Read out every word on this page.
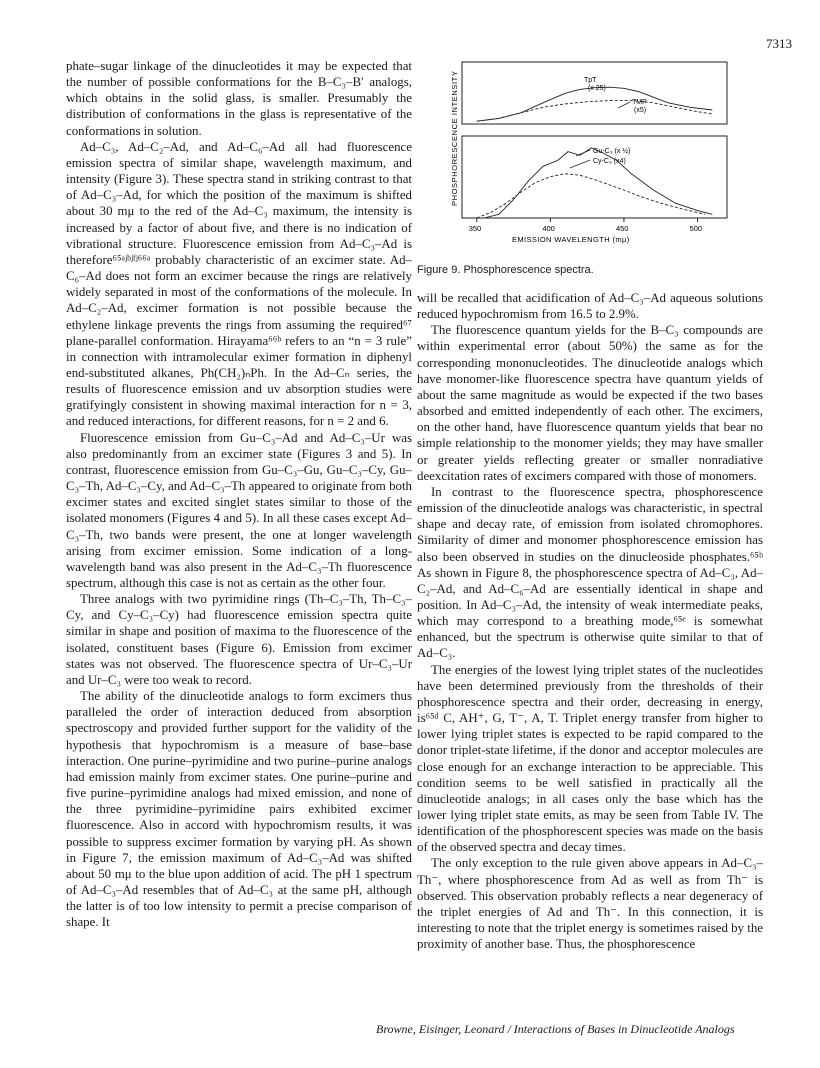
7313

phate–sugar linkage of the dinucleotides it may be expected that the number of possible conformations for the B–C₃–B′ analogs, which obtains in the solid glass, is smaller. Presumably the distribution of conformations in the glass is representative of the conformations in solution.

Ad–C₃, Ad–C₂–Ad, and Ad–C₆–Ad all had fluorescence emission spectra of similar shape, wavelength maximum, and intensity (Figure 3). These spectra stand in striking contrast to that of Ad–C₃–Ad, for which the position of the maximum is shifted about 30 mμ to the red of the Ad–C₃ maximum, the intensity is increased by a factor of about five, and there is no indication of vibrational structure. Fluorescence emission from Ad–C₃–Ad is therefore⁶⁵ᵃʲᵇʲᶠʲ⁶⁶ᵃ probably characteristic of an excimer state. Ad–C₆–Ad does not form an excimer because the rings are relatively widely separated in most of the conformations of the molecule. In Ad–C₂–Ad, excimer formation is not possible because the ethylene linkage prevents the rings from assuming the required⁶⁷ plane-parallel conformation. Hirayama⁶⁶ᵇ refers to an “n = 3 rule” in connection with intramolecular eximer formation in diphenyl end-substituted alkanes, Ph(CH₂)ₙPh. In the Ad–Cₙ series, the results of fluorescence emission and uv absorption studies were gratifyingly consistent in showing maximal interaction for n = 3, and reduced interactions, for different reasons, for n = 2 and 6.

Fluorescence emission from Gu–C₃–Ad and Ad–C₃–Ur was also predominantly from an excimer state (Figures 3 and 5). In contrast, fluorescence emission from Gu–C₃–Gu, Gu–C₃–Cy, Gu–C₃–Th, Ad–C₃–Cy, and Ad–C₃–Th appeared to originate from both excimer states and excited singlet states similar to those of the isolated monomers (Figures 4 and 5). In all these cases except Ad–C₃–Th, two bands were present, the one at longer wavelength arising from excimer emission. Some indication of a long-wavelength band was also present in the Ad–C₃–Th fluorescence spectrum, although this case is not as certain as the other four.

Three analogs with two pyrimidine rings (Th–C₃–Th, Th–C₃–Cy, and Cy–C₃–Cy) had fluorescence emission spectra quite similar in shape and position of maxima to the fluorescence of the isolated, constituent bases (Figure 6). Emission from excimer states was not observed. The fluorescence spectra of Ur–C₃–Ur and Ur–C₃ were too weak to record.

The ability of the dinucleotide analogs to form excimers thus paralleled the order of interaction deduced from absorption spectroscopy and provided further support for the validity of the hypothesis that hypochromism is a measure of base–base interaction. One purine–pyrimidine and two purine–purine analogs had emission mainly from excimer states. One purine–purine and five purine–pyrimidine analogs had mixed emission, and none of the three pyrimidine–pyrimidine pairs exhibited excimer fluorescence. Also in accord with hypochromism results, it was possible to suppress excimer formation by varying pH. As shown in Figure 7, the emission maximum of Ad–C₃–Ad was shifted about 50 mμ to the blue upon addition of acid. The pH 1 spectrum of Ad–C₃–Ad resembles that of Ad–C₃ at the same pH, although the latter is of too low intensity to permit a precise comparison of shape. It

PHOSPHORESCENCE INTENSITY
EMISSION WAVELENGTH (mμ)
350	400	450	500
TpT
(x 25)
TMP
(x5)
Gu-C₃ (x ½)
Cy-C₃ (x4)
Figure 9. Phosphorescence spectra.

will be recalled that acidification of Ad–C₃–Ad aqueous solutions reduced hypochromism from 16.5 to 2.9%.

The fluorescence quantum yields for the B–C₃ compounds are within experimental error (about 50%) the same as for the corresponding mononucleotides. The dinucleotide analogs which have monomer-like fluorescence spectra have quantum yields of about the same magnitude as would be expected if the two bases absorbed and emitted independently of each other. The excimers, on the other hand, have fluorescence quantum yields that bear no simple relationship to the monomer yields; they may have smaller or greater yields reflecting greater or smaller nonradiative deexcitation rates of excimers compared with those of monomers.

In contrast to the fluorescence spectra, phosphorescence emission of the dinucleotide analogs was characteristic, in spectral shape and decay rate, of emission from isolated chromophores. Similarity of dimer and monomer phosphorescence emission has also been observed in studies on the dinucleoside phosphates.⁶⁵ᵇ As shown in Figure 8, the phosphorescence spectra of Ad–C₃, Ad–C₂–Ad, and Ad–C₆–Ad are essentially identical in shape and position. In Ad–C₃–Ad, the intensity of weak intermediate peaks, which may correspond to a breathing mode,⁶⁵ᵉ is somewhat enhanced, but the spectrum is otherwise quite similar to that of Ad–C₃.

The energies of the lowest lying triplet states of the nucleotides have been determined previously from the thresholds of their phosphorescence spectra and their order, decreasing in energy, is⁶⁵ᵈ C, AH⁺, G, T⁻, A, T. Triplet energy transfer from higher to lower lying triplet states is expected to be rapid compared to the donor triplet-state lifetime, if the donor and acceptor molecules are close enough for an exchange interaction to be appreciable. This condition seems to be well satisfied in practically all the dinucleotide analogs; in all cases only the base which has the lower lying triplet state emits, as may be seen from Table IV. The identification of the phosphorescent species was made on the basis of the observed spectra and decay times.

The only exception to the rule given above appears in Ad–C₃–Th⁻, where phosphorescence from Ad as well as from Th⁻ is observed. This observation probably reflects a near degeneracy of the triplet energies of Ad and Th⁻. In this connection, it is interesting to note that the triplet energy is sometimes raised by the proximity of another base. Thus, the phosphorescence

Browne, Eisinger, Leonard / Interactions of Bases in Dinucleotide Analogs
